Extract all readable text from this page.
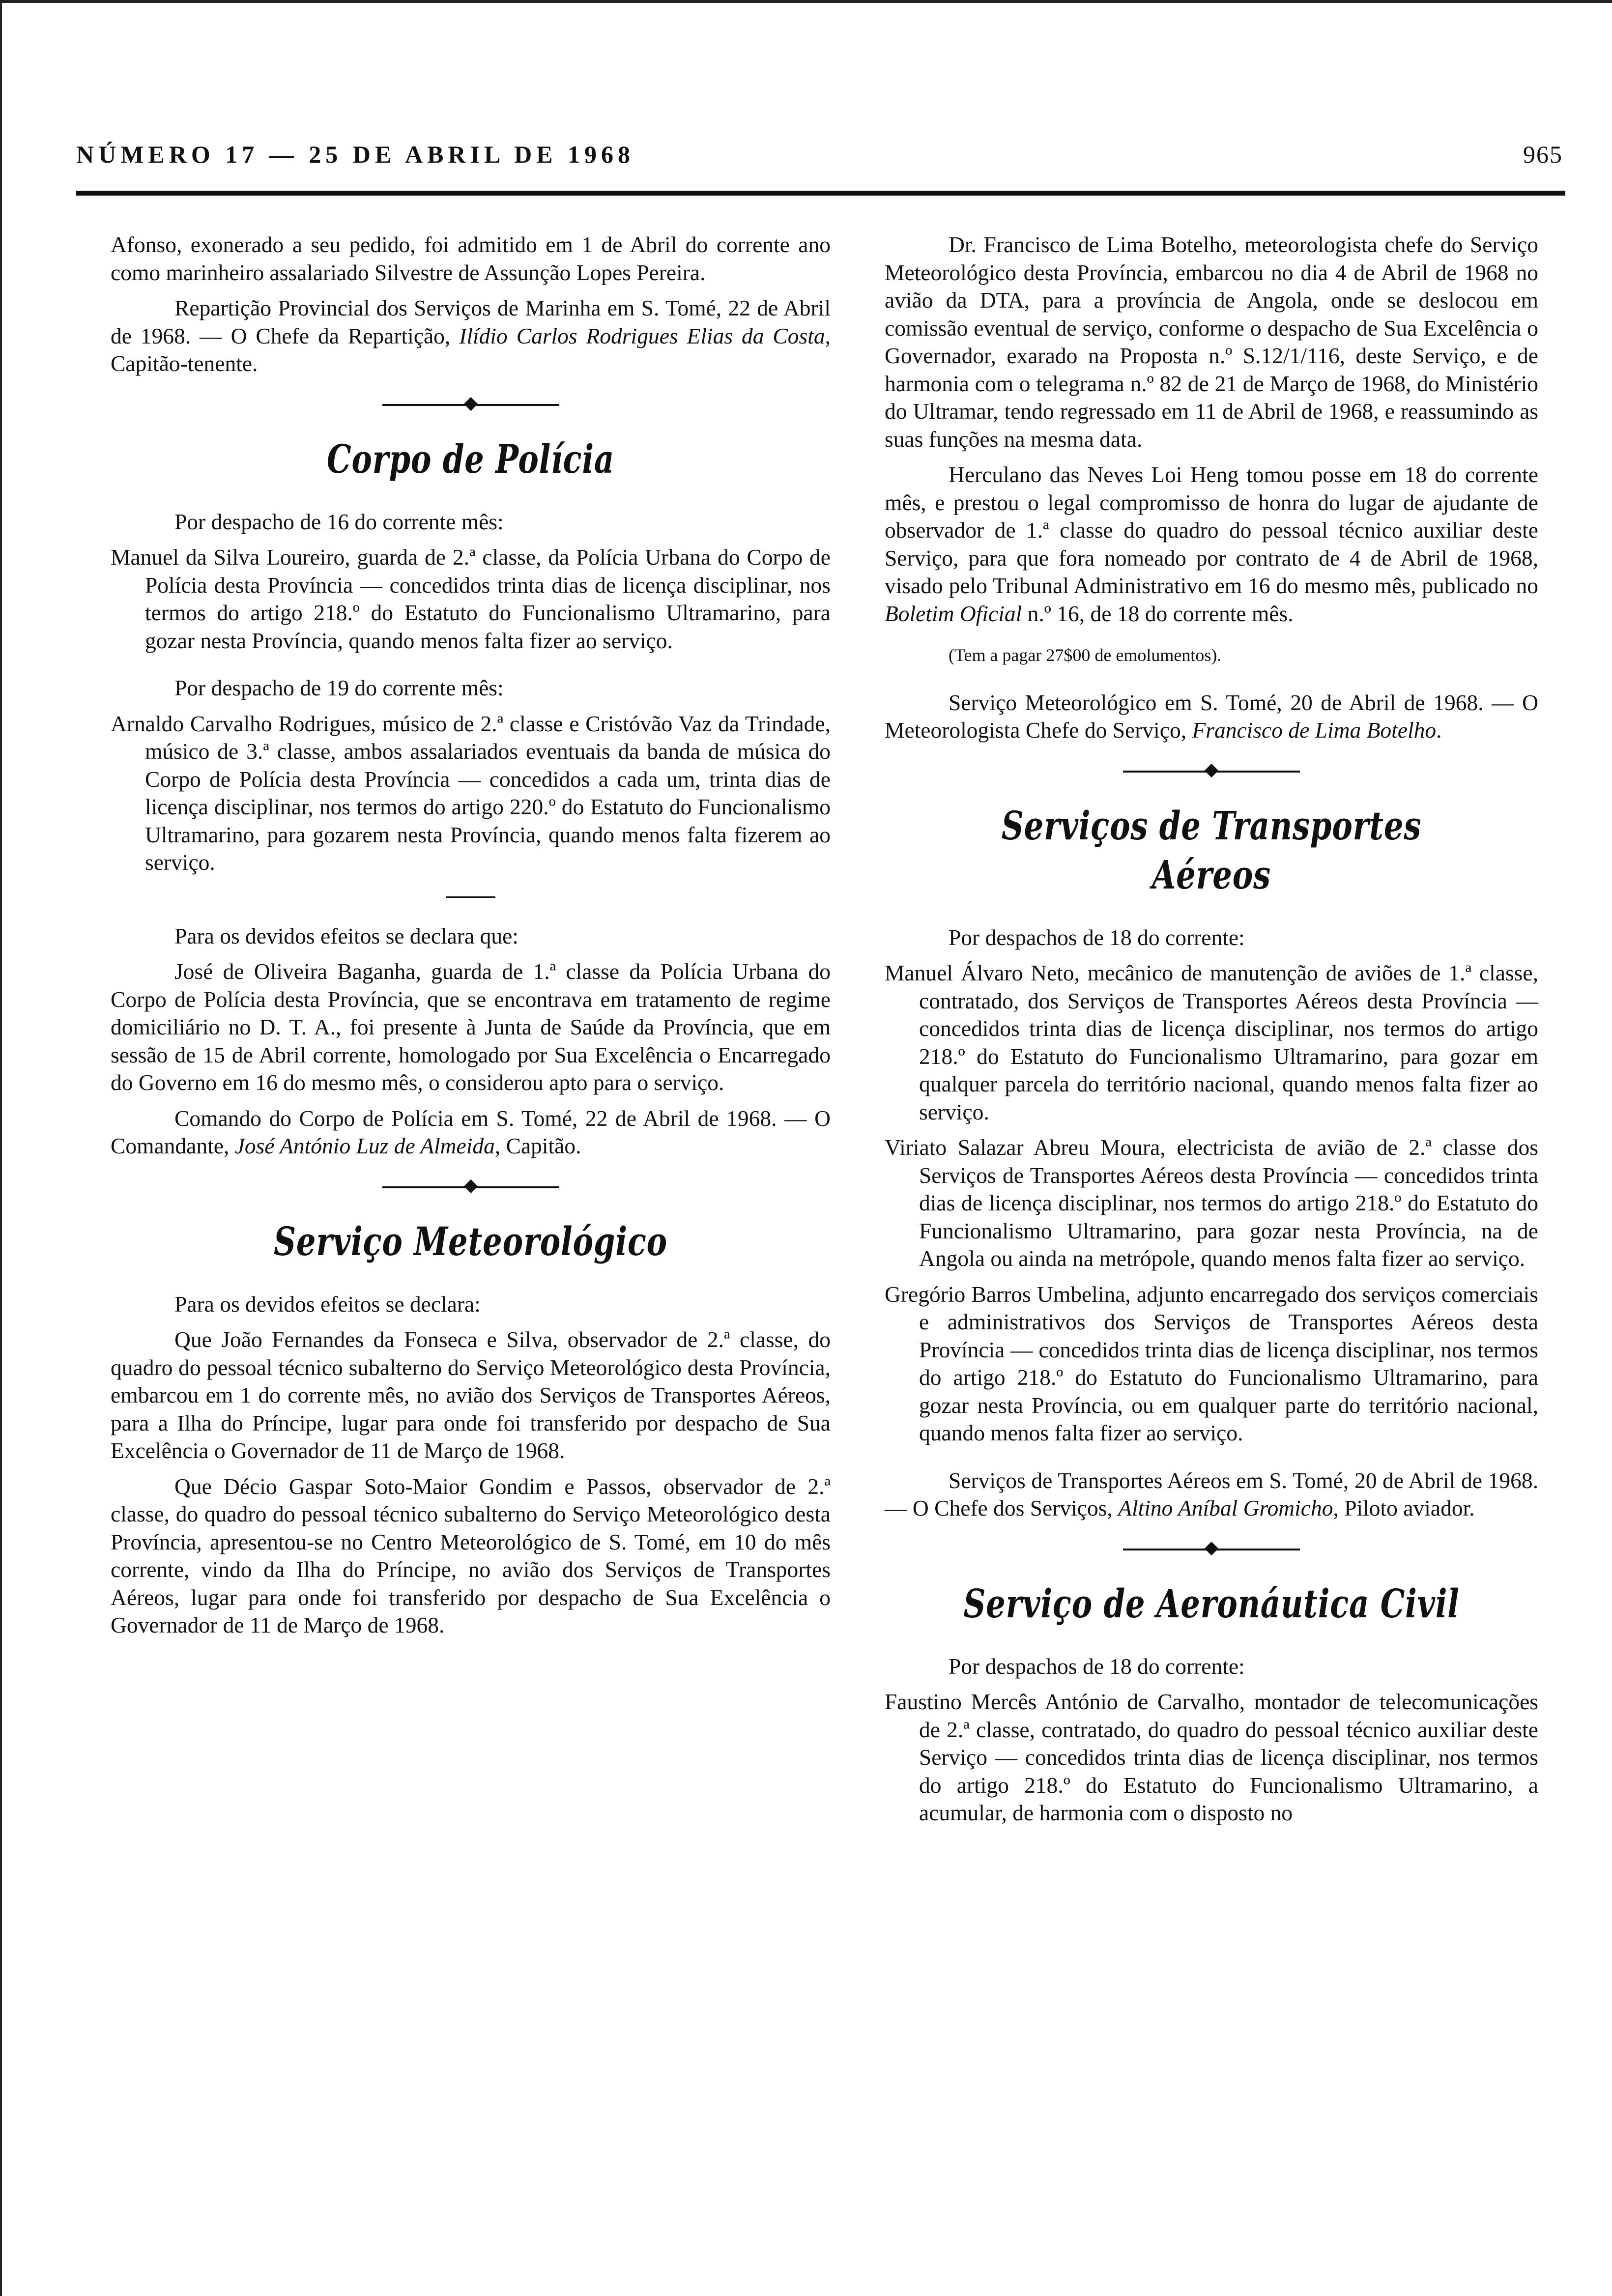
NÚMERO 17 — 25 DE ABRIL DE 1968	965

Afonso, exonerado a seu pedido, foi admitido em 1 de Abril do corrente ano como marinheiro assalariado Silvestre de Assunção Lopes Pereira.

Repartição Provincial dos Serviços de Marinha em S. Tomé, 22 de Abril de 1968. — O Chefe da Repartição, Ilídio Carlos Rodrigues Elias da Costa, Capitão-tenente.

Corpo de Polícia

Por despacho de 16 do corrente mês:

Manuel da Silva Loureiro, guarda de 2.ª classe, da Polícia Urbana do Corpo de Polícia desta Província — concedidos trinta dias de licença disciplinar, nos termos do artigo 218.º do Estatuto do Funcionalismo Ultramarino, para gozar nesta Província, quando menos falta fizer ao serviço.

Por despacho de 19 do corrente mês:

Arnaldo Carvalho Rodrigues, músico de 2.ª classe e Cristóvão Vaz da Trindade, músico de 3.ª classe, ambos assalariados eventuais da banda de música do Corpo de Polícia desta Província — concedidos a cada um, trinta dias de licença disciplinar, nos termos do artigo 220.º do Estatuto do Funcionalismo Ultramarino, para gozarem nesta Província, quando menos falta fizerem ao serviço.

Para os devidos efeitos se declara que:

José de Oliveira Baganha, guarda de 1.ª classe da Polícia Urbana do Corpo de Polícia desta Província, que se encontrava em tratamento de regime domiciliário no D. T. A., foi presente à Junta de Saúde da Província, que em sessão de 15 de Abril corrente, homologado por Sua Excelência o Encarregado do Governo em 16 do mesmo mês, o considerou apto para o serviço.

Comando do Corpo de Polícia em S. Tomé, 22 de Abril de 1968. — O Comandante, José António Luz de Almeida, Capitão.

Serviço Meteorológico

Para os devidos efeitos se declara:

Que João Fernandes da Fonseca e Silva, observador de 2.ª classe, do quadro do pessoal técnico subalterno do Serviço Meteorológico desta Província, embarcou em 1 do corrente mês, no avião dos Serviços de Transportes Aéreos, para a Ilha do Príncipe, lugar para onde foi transferido por despacho de Sua Excelência o Governador de 11 de Março de 1968.

Que Décio Gaspar Soto-Maior Gondim e Passos, observador de 2.ª classe, do quadro do pessoal técnico subalterno do Serviço Meteorológico desta Província, apresentou-se no Centro Meteorológico de S. Tomé, em 10 do mês corrente, vindo da Ilha do Príncipe, no avião dos Serviços de Transportes Aéreos, lugar para onde foi transferido por despacho de Sua Excelência o Governador de 11 de Março de 1968.

Dr. Francisco de Lima Botelho, meteorologista chefe do Serviço Meteorológico desta Província, embarcou no dia 4 de Abril de 1968 no avião da DTA, para a província de Angola, onde se deslocou em comissão eventual de serviço, conforme o despacho de Sua Excelência o Governador, exarado na Proposta n.º S.12/1/116, deste Serviço, e de harmonia com o telegrama n.º 82 de 21 de Março de 1968, do Ministério do Ultramar, tendo regressado em 11 de Abril de 1968, e reassumindo as suas funções na mesma data.

Herculano das Neves Loi Heng tomou posse em 18 do corrente mês, e prestou o legal compromisso de honra do lugar de ajudante de observador de 1.ª classe do quadro do pessoal técnico auxiliar deste Serviço, para que fora nomeado por contrato de 4 de Abril de 1968, visado pelo Tribunal Administrativo em 16 do mesmo mês, publicado no Boletim Oficial n.º 16, de 18 do corrente mês.

(Tem a pagar 27$00 de emolumentos).

Serviço Meteorológico em S. Tomé, 20 de Abril de 1968. — O Meteorologista Chefe do Serviço, Francisco de Lima Botelho.

Serviços de Transportes Aéreos

Por despachos de 18 do corrente:

Manuel Álvaro Neto, mecânico de manutenção de aviões de 1.ª classe, contratado, dos Serviços de Transportes Aéreos desta Província — concedidos trinta dias de licença disciplinar, nos termos do artigo 218.º do Estatuto do Funcionalismo Ultramarino, para gozar em qualquer parcela do território nacional, quando menos falta fizer ao serviço.

Viriato Salazar Abreu Moura, electricista de avião de 2.ª classe dos Serviços de Transportes Aéreos desta Província — concedidos trinta dias de licença disciplinar, nos termos do artigo 218.º do Estatuto do Funcionalismo Ultramarino, para gozar nesta Província, na de Angola ou ainda na metrópole, quando menos falta fizer ao serviço.

Gregório Barros Umbelina, adjunto encarregado dos serviços comerciais e administrativos dos Serviços de Transportes Aéreos desta Província — concedidos trinta dias de licença disciplinar, nos termos do artigo 218.º do Estatuto do Funcionalismo Ultramarino, para gozar nesta Província, ou em qualquer parte do território nacional, quando menos falta fizer ao serviço.

Serviços de Transportes Aéreos em S. Tomé, 20 de Abril de 1968. — O Chefe dos Serviços, Altino Aníbal Gromicho, Piloto aviador.

Serviço de Aeronáutica Civil

Por despachos de 18 do corrente:

Faustino Mercês António de Carvalho, montador de telecomunicações de 2.ª classe, contratado, do quadro do pessoal técnico auxiliar deste Serviço — concedidos trinta dias de licença disciplinar, nos termos do artigo 218.º do Estatuto do Funcionalismo Ultramarino, a acumular, de harmonia com o disposto no
